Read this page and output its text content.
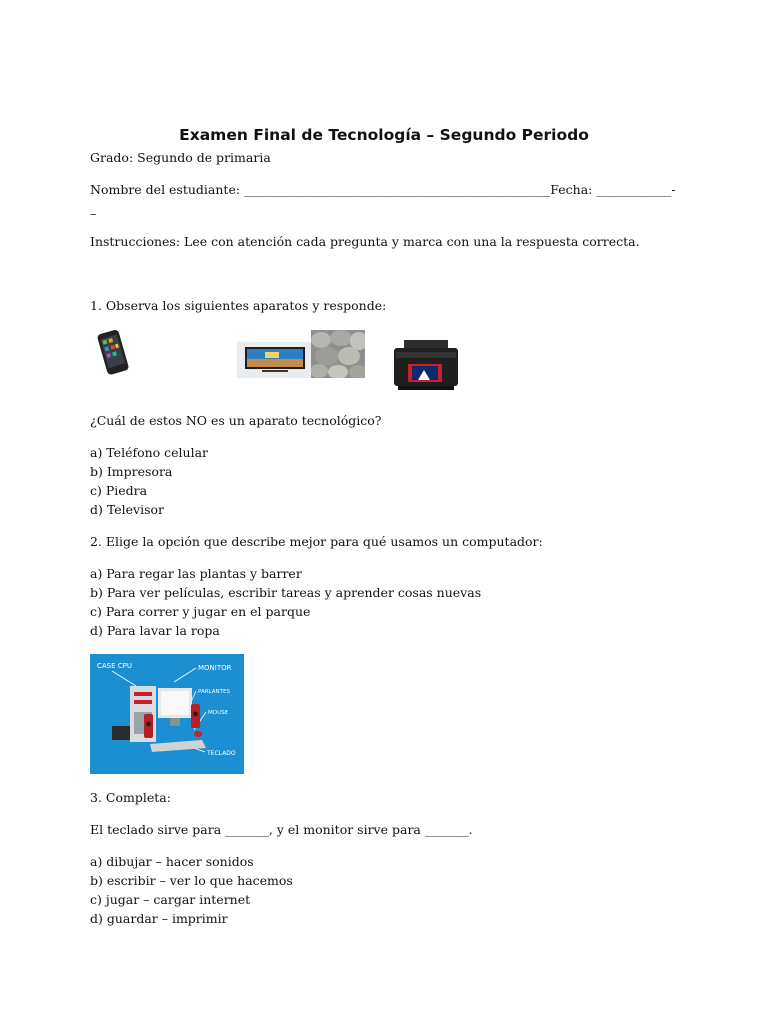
Examen Final de Tecnología – Segundo Periodo
Grado: Segundo de primaria
Nombre del estudiante: _________________________________________________Fecha: ____________-
–
Instrucciones: Lee con atención cada pregunta y marca con una la respuesta correcta.
1. Observa los siguientes aparatos y responde:
¿Cuál de estos NO es un aparato tecnológico?
a) Teléfono celular
b) Impresora
c) Piedra
d) Televisor
2. Elige la opción que describe mejor para qué usamos un computador:
a) Para regar las plantas y barrer
b) Para ver películas, escribir tareas y aprender cosas nuevas
c) Para correr y jugar en el parque
d) Para lavar la ropa
CASE CPU	MONITOR
PARLANTES
MOUSE
TECLADO
3. Completa:
El teclado sirve para _______, y el monitor sirve para _______.
a) dibujar – hacer sonidos
b) escribir – ver lo que hacemos
c) jugar – cargar internet
d) guardar – imprimir
